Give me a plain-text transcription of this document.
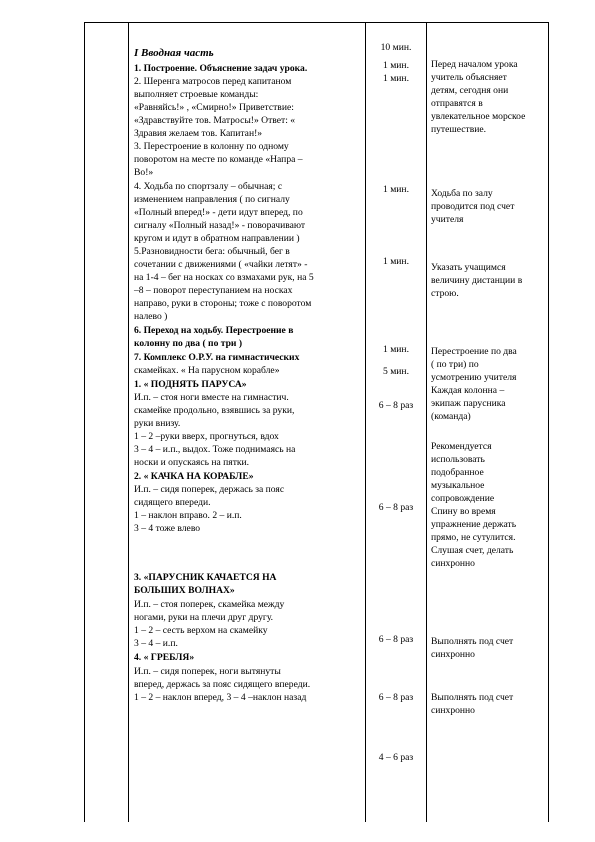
I Вводная часть
1. Построение. Объяснение задач урока.
2. Шеренга матросов перед капитаном
выполняет строевые команды:
«Равняйсь!» , «Смирно!» Приветствие:
«Здравствуйте тов. Матросы!» Ответ: «
Здравия желаем тов. Капитан!»
3. Перестроение в колонну по одному
поворотом на месте по команде «Напра –
Во!»
4. Ходьба по спортзалу – обычная; с
изменением направления ( по сигналу
«Полный вперед!» - дети идут вперед, по
сигналу «Полный назад!» - поворачивают
кругом и идут в обратном направлении )
5.Разновидности бега: обычный, бег в
сочетании с движениями ( «чайки летят» -
на 1-4 – бег на носках со взмахами рук, на 5
–8 – поворот переступанием на носках
направо, руки в стороны; тоже с поворотом
налево )
6. Переход на ходьбу. Перестроение в
колонну по два ( по три )
7. Комплекс О.Р.У. на гимнастических
скамейках. « На парусном корабле»
1. « ПОДНЯТЬ ПАРУСА»
И.п. – стоя ноги вместе на гимнастич.
скамейке продольно, взявшись за руки,
руки внизу.
1 – 2 –руки вверх, прогнуться, вдох
3 – 4 – и.п., выдох. Тоже поднимаясь на
носки и опускаясь на пятки.
2. « КАЧКА НА КОРАБЛЕ»
И.п. – сидя поперек, держась за пояс
сидящего впереди.
1 – наклон вправо. 2 – и.п.
3 – 4 тоже влево
3. «ПАРУСНИК КАЧАЕТСЯ НА
БОЛЬШИХ ВОЛНАХ»
И.п. – стоя поперек, скамейка между
ногами, руки на плечи друг другу.
1 – 2 – сесть верхом на скамейку
3 – 4 – и.п.
4. « ГРЕБЛЯ»
И.п. – сидя поперек, ноги вытянуты
вперед, держась за пояс сидящего впереди.
1 – 2 – наклон вперед, 3 – 4 –наклон назад
10 мин.
1 мин.
1 мин.
1 мин.
1 мин.
1 мин.
5 мин.
6 – 8 раз
6 – 8 раз
6 – 8 раз
6 – 8 раз
4 – 6 раз
Перед началом урока
учитель объясняет
детям, сегодня они
отправятся в
увлекательное морское
путешествие.
Ходьба по залу
проводится под счет
учителя
Указать учащимся
величину дистанции в
строю.
Перестроение по два
( по три) по
усмотрению учителя
Каждая колонна –
экипаж парусника
(команда)
Рекомендуется
использовать
подобранное
музыкальное
сопровождение
Спину во время
упражнение держать
прямо, не сутулится.
Слушая счет, делать
синхронно
Выполнять под счет
синхронно
Выполнять под счет
синхронно
